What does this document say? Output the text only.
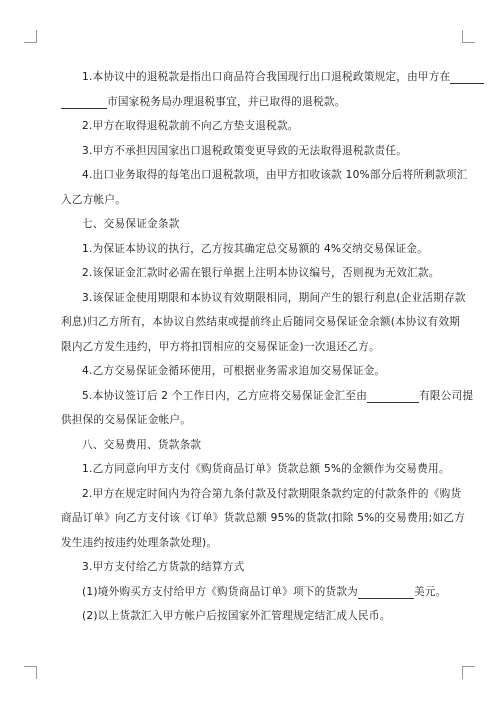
1.本协议中的退税款是指出口商品符合我国现行出口退税政策规定，由甲方在
市国家税务局办理退税事宜，并已取得的退税款。
2.甲方在取得退税款前不向乙方垫支退税款。
3.甲方不承担因国家出口退税政策变更导致的无法取得退税款责任。
4.出口业务取得的每笔出口退税款项，由甲方扣收该款 10%部分后将所剩款项汇
入乙方帐户。
七、交易保证金条款
1.为保证本协议的执行，乙方按其确定总交易额的 4%交纳交易保证金。
2.该保证金汇款时必需在银行单据上注明本协议编号，否则视为无效汇款。
3.该保证金使用期限和本协议有效期限相同，期间产生的银行利息(企业活期存款
利息)归乙方所有，本协议自然结束或提前终止后随同交易保证金余额(本协议有效期
限内乙方发生违约，甲方将扣罚相应的交易保证金)一次退还乙方。
4.乙方交易保证金循环使用，可根据业务需求追加交易保证金。
5.本协议签订后 2 个工作日内，乙方应将交易保证金汇至由	有限公司提
供担保的交易保证金帐户。
八、交易费用、货款条款
1.乙方同意向甲方支付《购货商品订单》货款总额 5%的金额作为交易费用。
2.甲方在规定时间内为符合第九条付款及付款期限条款约定的付款条件的《购货
商品订单》向乙方支付该《订单》货款总额 95%的货款(扣除 5%的交易费用;如乙方
发生违约按违约处理条款处理)。
3.甲方支付给乙方货款的结算方式
(1)境外购买方支付给甲方《购货商品订单》项下的货款为	美元。
(2)以上货款汇入甲方帐户后按国家外汇管理规定结汇成人民币。
